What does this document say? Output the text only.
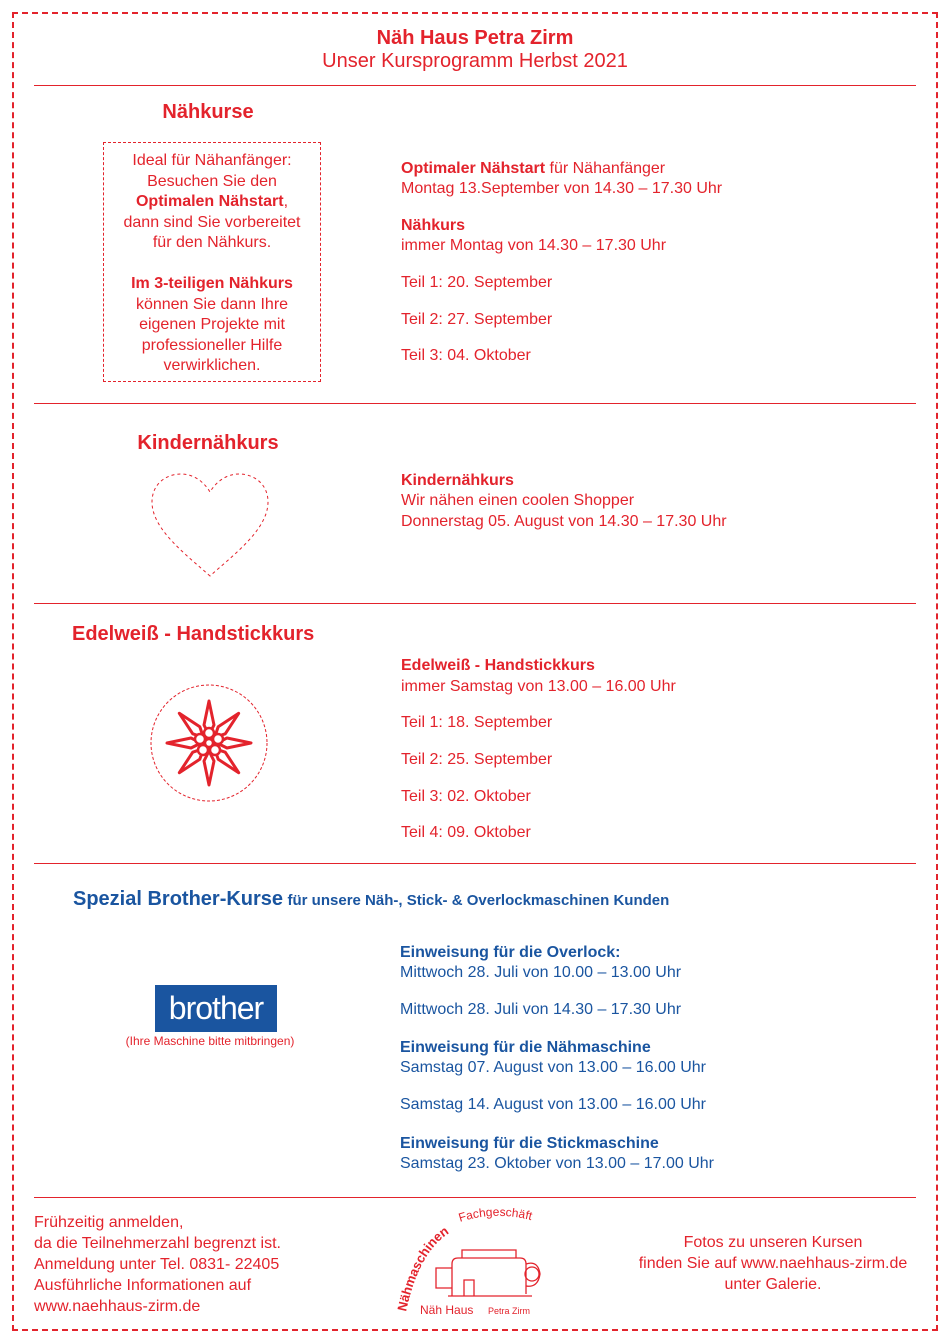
Näh Haus Petra Zirm
Unser Kursprogramm Herbst 2021
Nähkurse
Ideal für Nähanfänger:
Besuchen Sie den
Optimalen Nähstart,
dann sind Sie vorbereitet
für den Nähkurs.
Im 3-teiligen Nähkurs
können Sie dann Ihre
eigenen Projekte mit
professioneller Hilfe
verwirklichen.
Optimaler Nähstart für Nähanfänger
Montag 13.September von 14.30 – 17.30 Uhr
Nähkurs
immer Montag von 14.30 – 17.30 Uhr
Teil 1: 20. September
Teil 2: 27. September
Teil 3: 04. Oktober
Kindernähkurs
Kindernähkurs
Wir nähen einen coolen Shopper
Donnerstag 05. August von 14.30 – 17.30 Uhr
Edelweiß - Handstickkurs
Edelweiß - Handstickkurs
immer Samstag von 13.00 – 16.00 Uhr
Teil 1: 18. September
Teil 2: 25. September
Teil 3: 02. Oktober
Teil 4: 09. Oktober
Spezial Brother-Kurse für unsere Näh-, Stick- & Overlockmaschinen Kunden
brother
(Ihre Maschine bitte mitbringen)
Einweisung für die Overlock:
Mittwoch 28. Juli von 10.00 – 13.00 Uhr
Mittwoch 28. Juli von 14.30 – 17.30 Uhr
Einweisung für die Nähmaschine
Samstag 07. August von 13.00 – 16.00 Uhr
Samstag 14. August von 13.00 – 16.00 Uhr
Einweisung für die Stickmaschine
Samstag 23. Oktober von 13.00 – 17.00 Uhr
Frühzeitig anmelden,
da die Teilnehmerzahl begrenzt ist.
Anmeldung unter Tel. 0831- 22405
Ausführliche Informationen auf
www.naehhaus-zirm.de	Nähmaschinen
Fachgeschäft
Näh Haus Petra Zirm
Fotos zu unseren Kursen
finden Sie auf www.naehhaus-zirm.de
unter Galerie.
